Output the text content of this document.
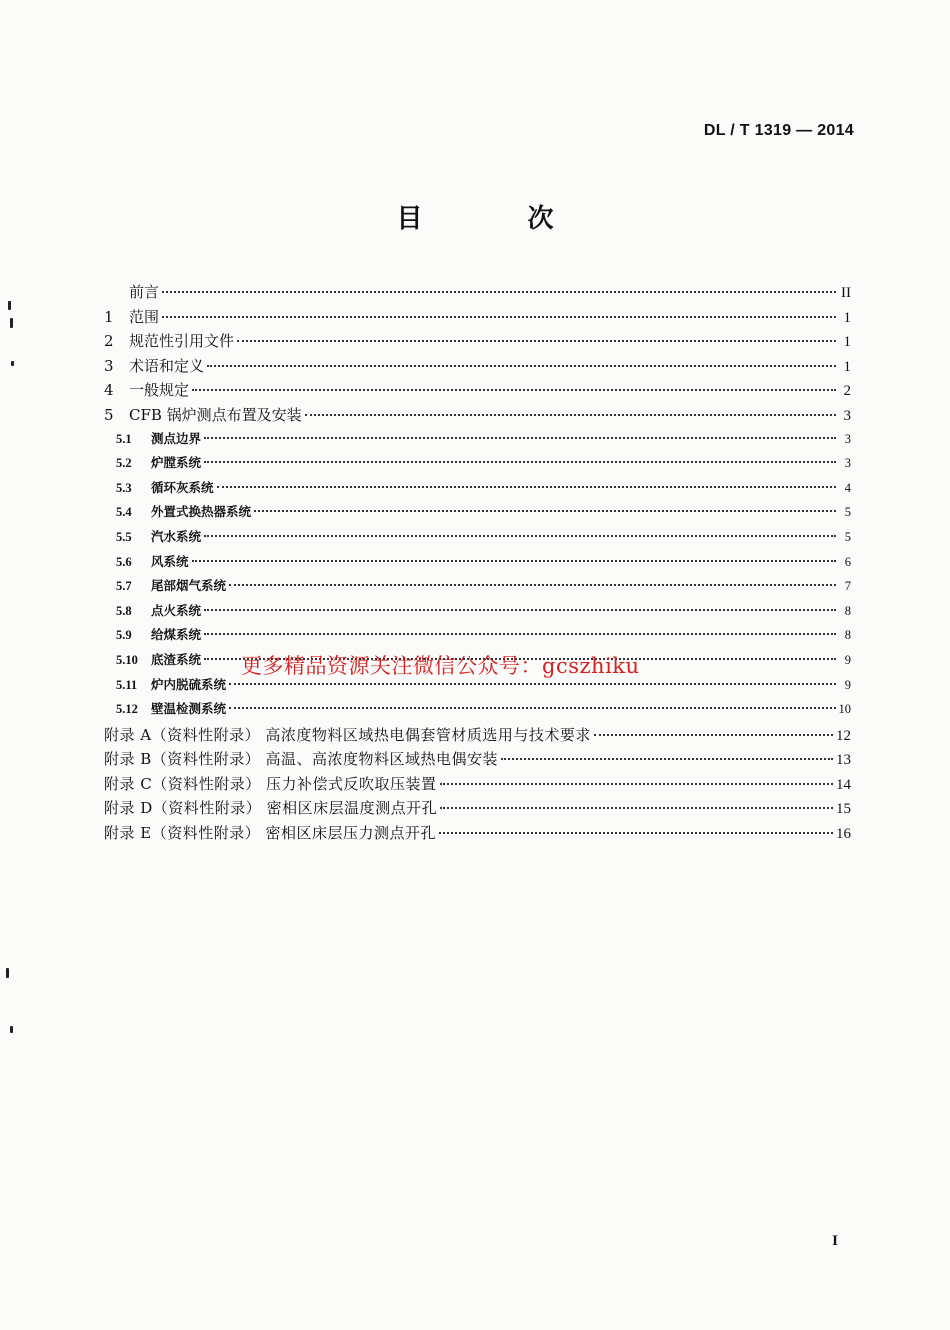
DL / T 1319 — 2014
目 次
前言	II
1	范围	1
2	规范性引用文件	1
3	术语和定义	1
4	一般规定	2
5	CFB 锅炉测点布置及安装	3
5.1	测点边界	3
5.2	炉膛系统	3
5.3	循环灰系统	4
5.4	外置式换热器系统	5
5.5	汽水系统	5
5.6	风系统	6
5.7	尾部烟气系统	7
5.8	点火系统	8
5.9	给煤系统	8
5.10	底渣系统	9
5.11	炉内脱硫系统	9
5.12	壁温检测系统	10
附录 A（资料性附录） 高浓度物料区域热电偶套管材质选用与技术要求	12
附录 B（资料性附录） 高温、高浓度物料区域热电偶安装	13
附录 C（资料性附录） 压力补偿式反吹取压装置	14
附录 D（资料性附录） 密相区床层温度测点开孔	15
附录 E（资料性附录） 密相区床层压力测点开孔	16
更多精品资源关注微信公众号：gcszhiku
I
